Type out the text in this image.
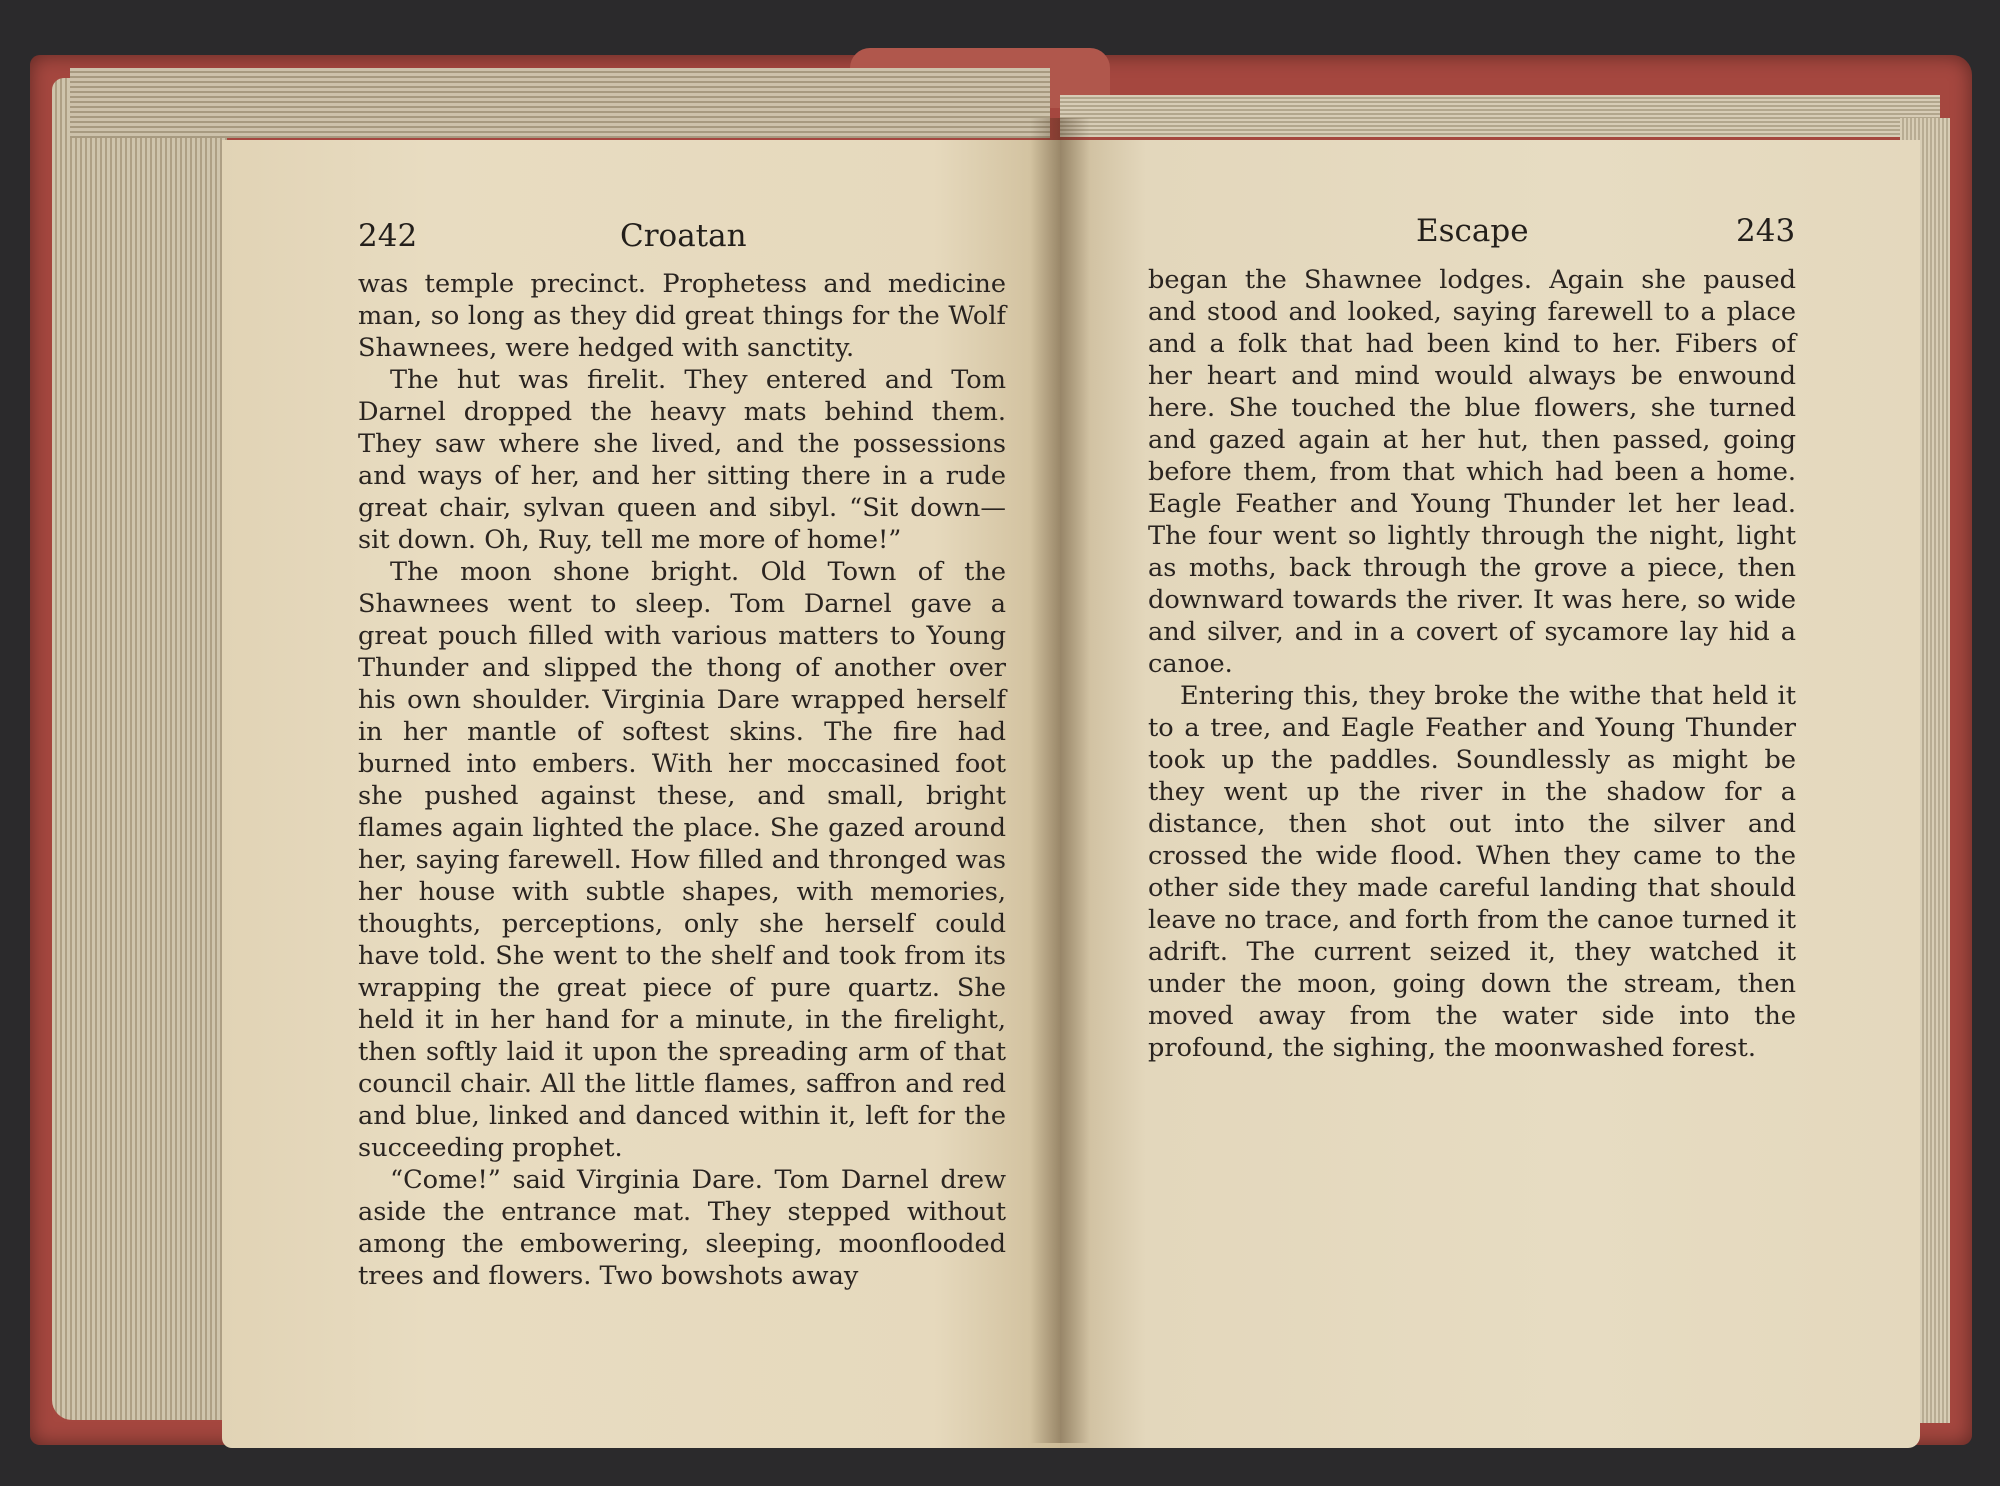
242	Croatan

was temple precinct. Prophetess and medicine man, so long as they did great things for the Wolf Shawnees, were hedged with sanctity.

The hut was firelit. They entered and Tom Darnel dropped the heavy mats behind them. They saw where she lived, and the possessions and ways of her, and her sitting there in a rude great chair, sylvan queen and sibyl. “Sit down—sit down. Oh, Ruy, tell me more of home!”

The moon shone bright. Old Town of the Shawnees went to sleep. Tom Darnel gave a great pouch filled with various matters to Young Thunder and slipped the thong of another over his own shoulder. Virginia Dare wrapped herself in her mantle of softest skins. The fire had burned into embers. With her moccasined foot she pushed against these, and small, bright flames again lighted the place. She gazed around her, saying farewell. How filled and thronged was her house with subtle shapes, with memories, thoughts, perceptions, only she herself could have told. She went to the shelf and took from its wrapping the great piece of pure quartz. She held it in her hand for a minute, in the firelight, then softly laid it upon the spreading arm of that council chair. All the little flames, saffron and red and blue, linked and danced within it, left for the succeeding prophet.

“Come!” said Virginia Dare. Tom Darnel drew aside the entrance mat. They stepped without among the embowering, sleeping, moonflooded trees and flowers. Two bowshots away

Escape	243

began the Shawnee lodges. Again she paused and stood and looked, saying farewell to a place and a folk that had been kind to her. Fibers of her heart and mind would always be enwound here. She touched the blue flowers, she turned and gazed again at her hut, then passed, going before them, from that which had been a home. Eagle Feather and Young Thunder let her lead. The four went so lightly through the night, light as moths, back through the grove a piece, then downward towards the river. It was here, so wide and silver, and in a covert of sycamore lay hid a canoe.

Entering this, they broke the withe that held it to a tree, and Eagle Feather and Young Thunder took up the paddles. Soundlessly as might be they went up the river in the shadow for a distance, then shot out into the silver and crossed the wide flood. When they came to the other side they made careful landing that should leave no trace, and forth from the canoe turned it adrift. The current seized it, they watched it under the moon, going down the stream, then moved away from the water side into the profound, the sighing, the moonwashed forest.
